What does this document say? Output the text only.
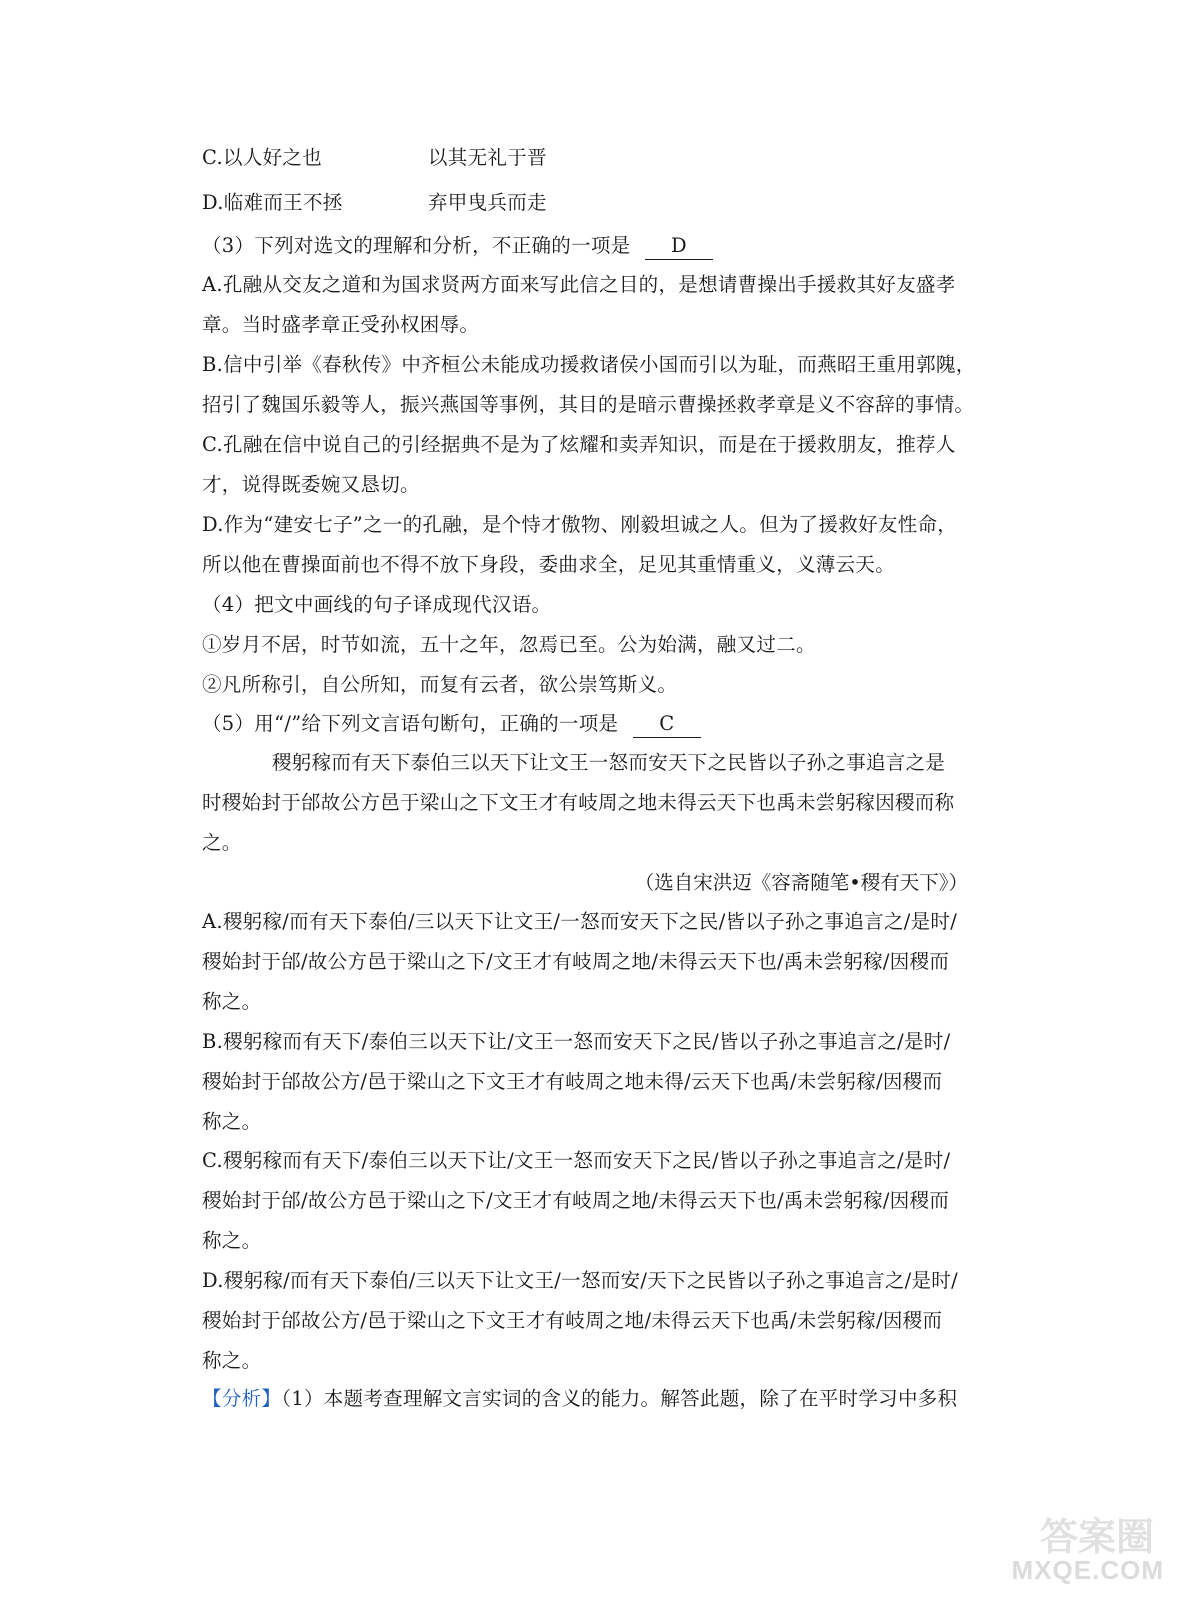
C.以人好之也	以其无礼于晋
D.临难而王不拯	弃甲曳兵而走
（3）下列对选文的理解和分析，不正确的一项是 D
A.孔融从交友之道和为国求贤两方面来写此信之目的，是想请曹操出手援救其好友盛孝
章。当时盛孝章正受孙权困辱。
B.信中引举《春秋传》中齐桓公未能成功援救诸侯小国而引以为耻，而燕昭王重用郭隗，
招引了魏国乐毅等人，振兴燕国等事例，其目的是暗示曹操拯救孝章是义不容辞的事情。
C.孔融在信中说自己的引经据典不是为了炫耀和卖弄知识，而是在于援救朋友，推荐人
才，说得既委婉又恳切。
D.作为“建安七子”之一的孔融，是个恃才傲物、刚毅坦诚之人。但为了援救好友性命，
所以他在曹操面前也不得不放下身段，委曲求全，足见其重情重义，义薄云天。
（4）把文中画线的句子译成现代汉语。
①岁月不居，时节如流，五十之年，忽焉已至。公为始满，融又过二。
②凡所称引，自公所知，而复有云者，欲公崇笃斯义。
（5）用“/”给下列文言语句断句，正确的一项是 C
稷躬稼而有天下泰伯三以天下让文王一怒而安天下之民皆以子孙之事追言之是
时稷始封于邰故公方邑于梁山之下文王才有岐周之地未得云天下也禹未尝躬稼因稷而称
之。
（选自宋洪迈《容斋随笔•稷有天下》）
A.稷躬稼/而有天下泰伯/三以天下让文王/一怒而安天下之民/皆以子孙之事追言之/是时/
稷始封于邰/故公方邑于梁山之下/文王才有岐周之地/未得云天下也/禹未尝躬稼/因稷而
称之。
B.稷躬稼而有天下/泰伯三以天下让/文王一怒而安天下之民/皆以子孙之事追言之/是时/
稷始封于邰故公方/邑于梁山之下文王才有岐周之地未得/云天下也禹/未尝躬稼/因稷而
称之。
C.稷躬稼而有天下/泰伯三以天下让/文王一怒而安天下之民/皆以子孙之事追言之/是时/
稷始封于邰/故公方邑于梁山之下/文王才有岐周之地/未得云天下也/禹未尝躬稼/因稷而
称之。
D.稷躬稼/而有天下泰伯/三以天下让文王/一怒而安/天下之民皆以子孙之事追言之/是时/
稷始封于邰故公方/邑于梁山之下文王才有岐周之地/未得云天下也禹/未尝躬稼/因稷而
称之。
【分析】（1）本题考查理解文言实词的含义的能力。解答此题，除了在平时学习中多积
答案圈
MXQE.COM
